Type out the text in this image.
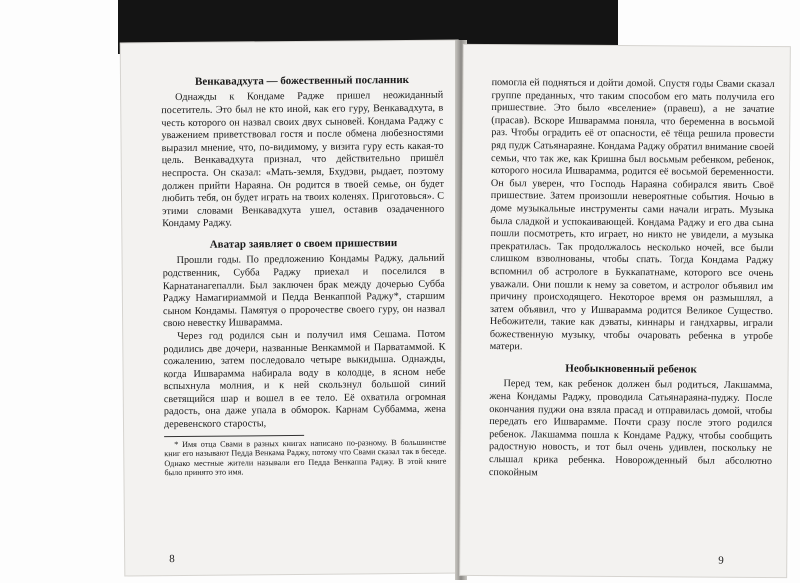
Венкавадхута — божественный посланник

Однажды к Кондаме Радже пришел неожиданный посетитель. Это был не кто иной, как его гуру, Венкавадхута, в честь которого он назвал своих двух сыновей. Кондама Раджу с уважением приветствовал гостя и после обмена любезностями выразил мнение, что, по-видимому, у визита гуру есть какая-то цель. Венкавадхута признал, что действительно пришёл неспроста. Он сказал: «Мать-земля, Бхудэви, рыдает, поэтому должен прийти Нараяна. Он родится в твоей семье, он будет любить тебя, он будет играть на твоих коленях. Приготовься». С этими словами Венкавадхута ушел, оставив озадаченного Кондаму Раджу.

Аватар заявляет о своем пришествии

Прошли годы. По предложению Кондамы Раджу, дальний родственник, Субба Раджу приехал и поселился в Карнатанагепалли. Был заключен брак между дочерью Субба Раджу Намагириаммой и Педда Венкаппой Раджу*, старшим сыном Кондамы. Памятуя о пророчестве своего гуру, он назвал свою невестку Ишварамма.

Через год родился сын и получил имя Сешама. Потом родились две дочери, названные Венкаммой и Парватаммой. К сожалению, затем последовало четыре выкидыша. Однажды, когда Ишварамма набирала воду в колодце, в ясном небе вспыхнула молния, и к ней скользнул большой синий светящийся шар и вошел в ее тело. Её охватила огромная радость, она даже упала в обморок. Карнам Суббамма, жена деревенского старосты,

* Имя отца Свами в разных книгах написано по-разному. В большинстве книг его называют Педда Венкама Раджу, потому что Свами сказал так в беседе. Однако местные жители называли его Педда Венкаппа Раджу. В этой книге было принято это имя.

8

помогла ей подняться и дойти домой. Спустя годы Свами сказал группе преданных, что таким способом его мать получила его пришествие. Это было «вселение» (правеш), а не зачатие (прасав). Вскоре Ишварамма поняла, что беременна в восьмой раз. Чтобы оградить её от опасности, её тёща решила провести ряд пудж Сатьянараяне. Кондама Раджу обратил внимание своей семьи, что так же, как Кришна был восьмым ребенком, ребенок, которого носила Ишварамма, родится её восьмой беременности. Он был уверен, что Господь Нараяна собирался явить Своё пришествие. Затем произошли невероятные события. Ночью в доме музыкальные инструменты сами начали играть. Музыка была сладкой и успокаивающей. Кондама Раджу и его два сына пошли посмотреть, кто играет, но никто не увидели, а музыка прекратилась. Так продолжалось несколько ночей, все были слишком взволнованы, чтобы спать. Тогда Кондама Раджу вспомнил об астрологе в Буккапатнаме, которого все очень уважали. Они пошли к нему за советом, и астролог объявил им причину происходящего. Некоторое время он размышлял, а затем объявил, что у Ишварамма родится Великое Существо. Небожители, такие как дэваты, киннары и гандхарвы, играли божественную музыку, чтобы очаровать ребенка в утробе матери.

Необыкновенный ребенок

Перед тем, как ребенок должен был родиться, Лакшамма, жена Кондамы Раджу, проводила Сатьянараяна-пуджу. После окончания пуджи она взяла прасад и отправилась домой, чтобы передать его Ишварамме. Почти сразу после этого родился ребенок. Лакшамма пошла к Кондаме Раджу, чтобы сообщить радостную новость, и тот был очень удивлен, поскольку не слышал крика ребенка. Новорожденный был абсолютно спокойным

9
